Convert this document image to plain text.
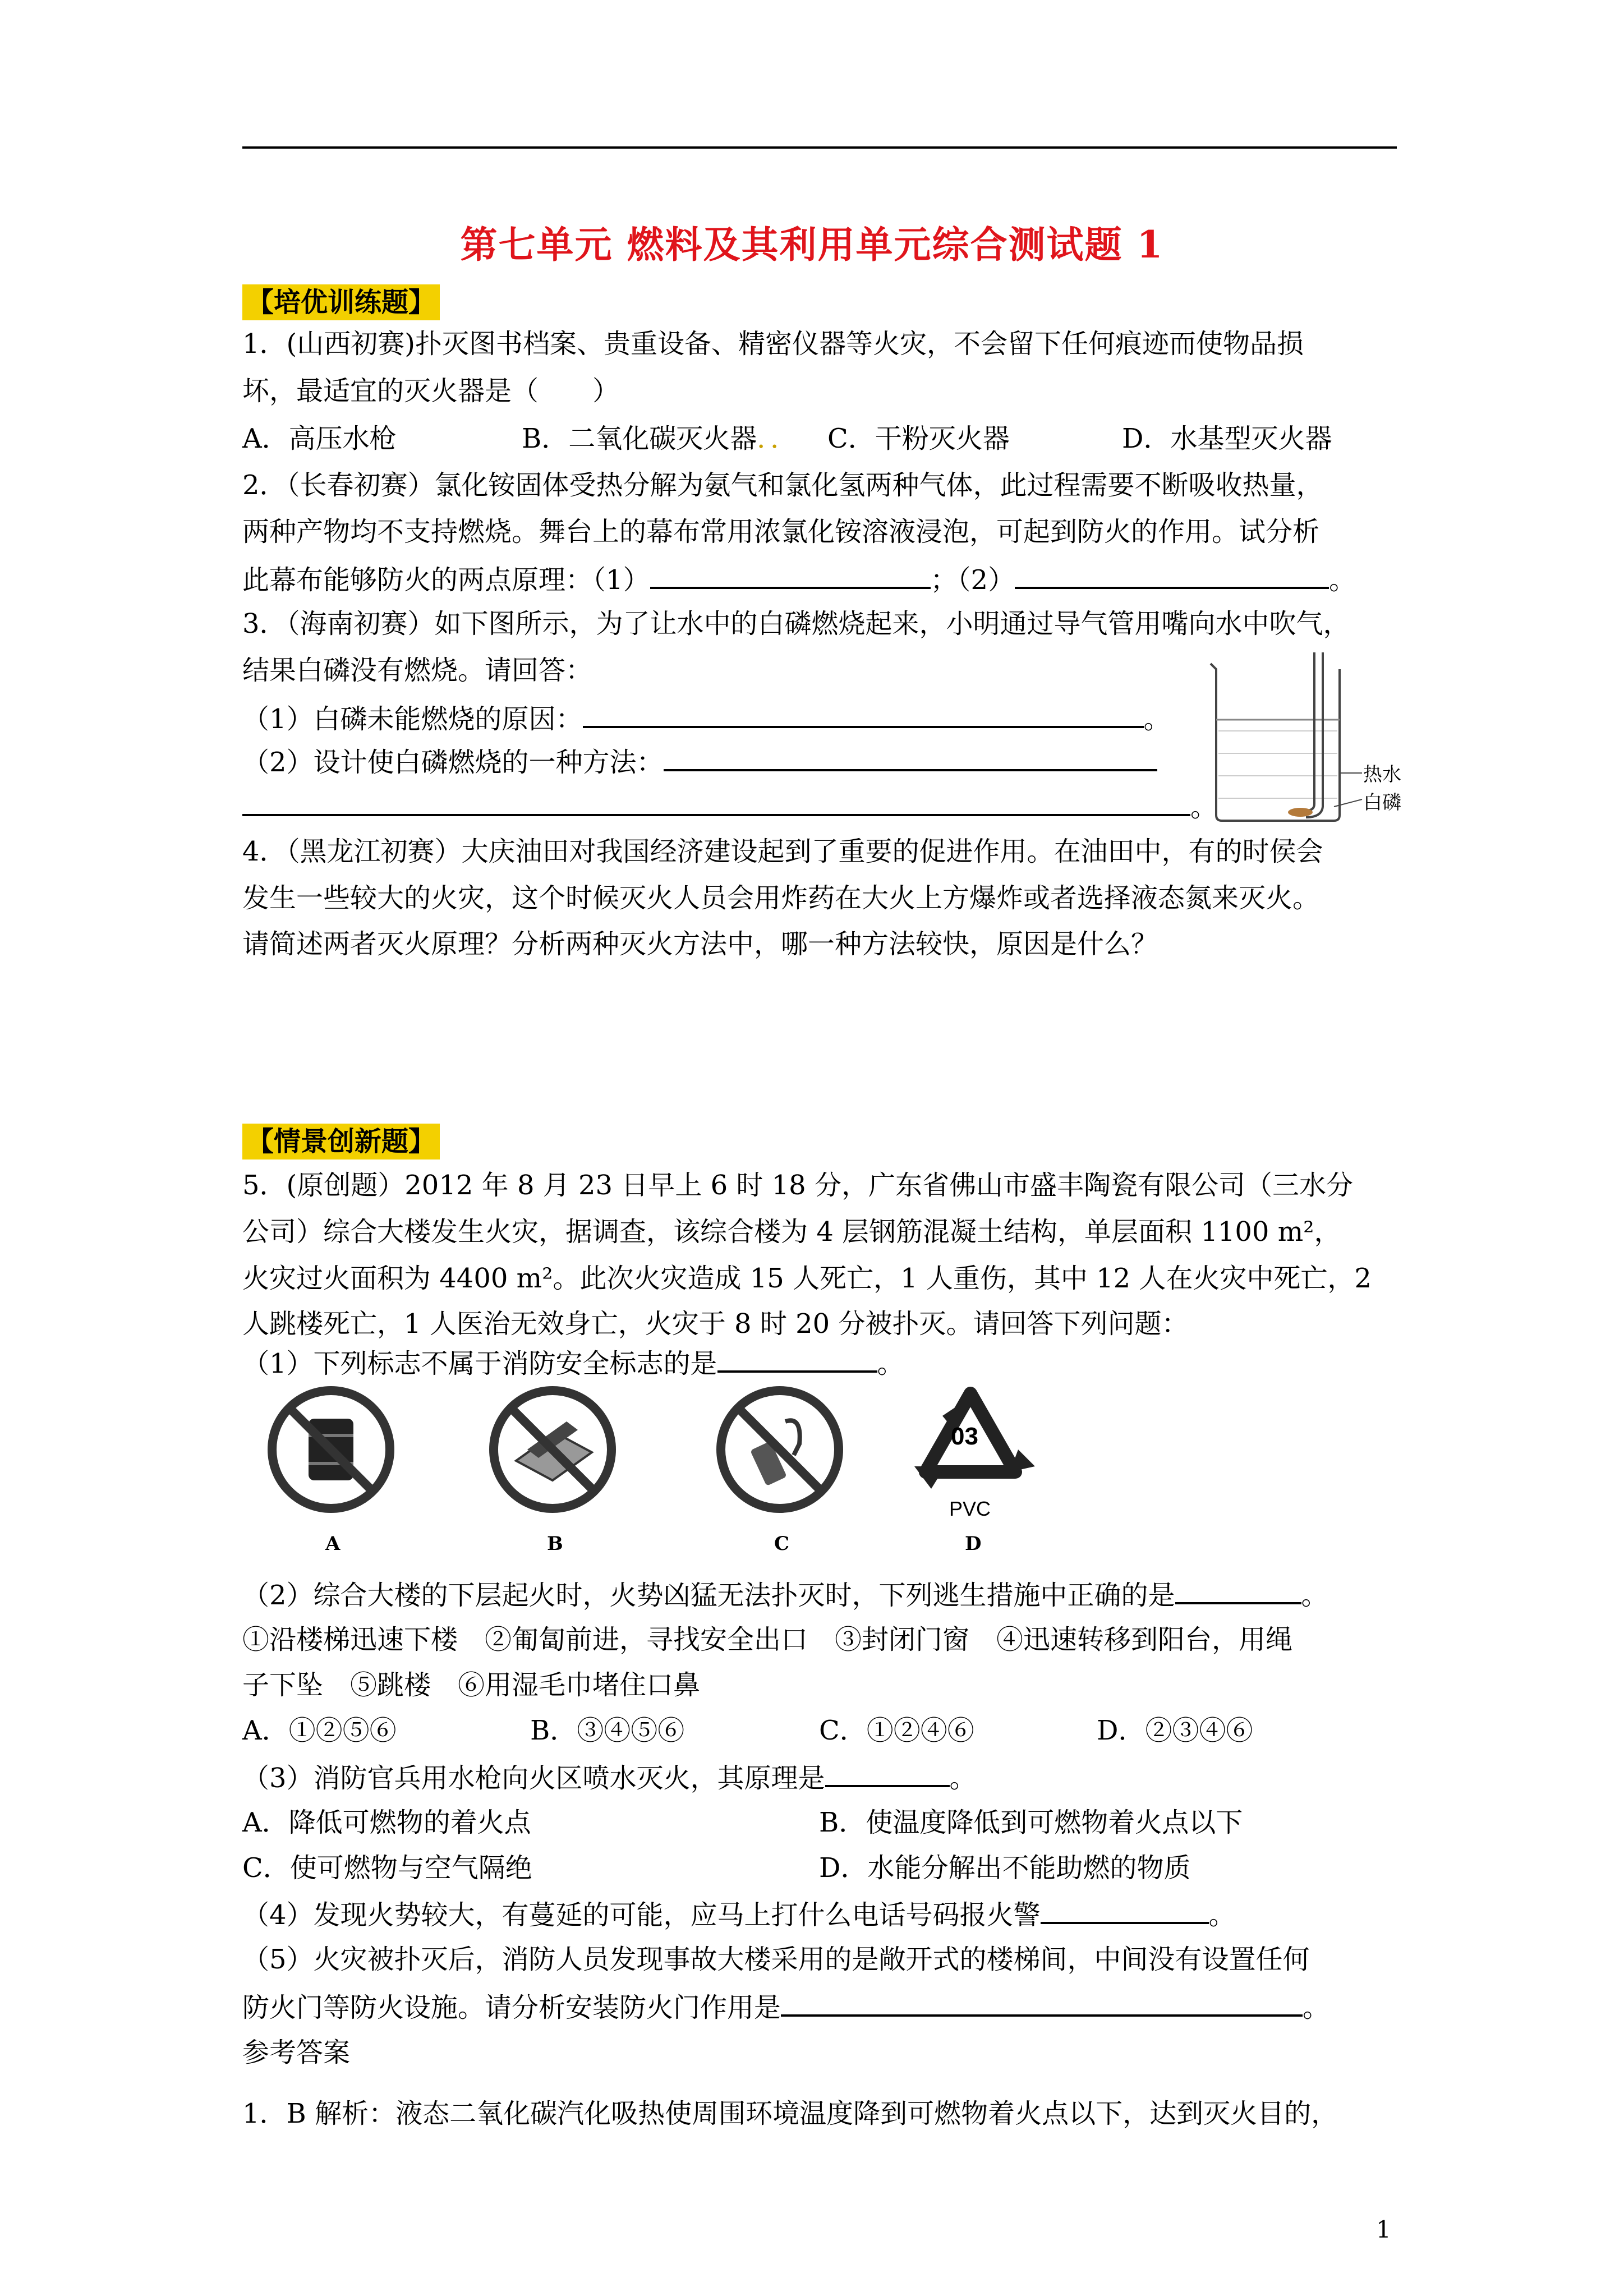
第七单元 燃料及其利用单元综合测试题 1
【培优训练题】
1．(山西初赛)扑灭图书档案、贵重设备、精密仪器等火灾，不会留下任何痕迹而使物品损
坏，最适宜的灭火器是（　　）
A．高压水枪	B．二氧化碳灭火器．． C．干粉灭火器	D．水基型灭火器
2．（长春初赛）氯化铵固体受热分解为氨气和氯化氢两种气体，此过程需要不断吸收热量，
两种产物均不支持燃烧。舞台上的幕布常用浓氯化铵溶液浸泡，可起到防火的作用。试分析
此幕布能够防火的两点原理：（1）	；（2）	。
3．（海南初赛）如下图所示，为了让水中的白磷燃烧起来，小明通过导气管用嘴向水中吹气，
结果白磷没有燃烧。请回答：
（1）白磷未能燃烧的原因：	。
（2）设计使白磷燃烧的一种方法：
。
热水
白磷
4．（黑龙江初赛）大庆油田对我国经济建设起到了重要的促进作用。在油田中，有的时侯会
发生一些较大的火灾，这个时候灭火人员会用炸药在大火上方爆炸或者选择液态氮来灭火。
请简述两者灭火原理？分析两种灭火方法中，哪一种方法较快，原因是什么？
【情景创新题】
5．(原创题）2012 年 8 月 23 日早上 6 时 18 分，广东省佛山市盛丰陶瓷有限公司（三水分
公司）综合大楼发生火灾，据调查，该综合楼为 4 层钢筋混凝土结构，单层面积 1100 m²，
火灾过火面积为 4400 m²。此次火灾造成 15 人死亡，1 人重伤，其中 12 人在火灾中死亡，2
人跳楼死亡，1 人医治无效身亡，火灾于 8 时 20 分被扑灭。请回答下列问题：
（1）下列标志不属于消防安全标志的是	。
03
PVC
A	B	C	D
（2）综合大楼的下层起火时，火势凶猛无法扑灭时，下列逃生措施中正确的是	。
①沿楼梯迅速下楼　②匍匐前进，寻找安全出口　③封闭门窗　④迅速转移到阳台，用绳
子下坠　⑤跳楼　⑥用湿毛巾堵住口鼻
A．①②⑤⑥	B．③④⑤⑥	C．①②④⑥	D．②③④⑥
（3）消防官兵用水枪向火区喷水灭火，其原理是	。
A．降低可燃物的着火点	B．使温度降低到可燃物着火点以下
C．使可燃物与空气隔绝	D．水能分解出不能助燃的物质
（4）发现火势较大，有蔓延的可能，应马上打什么电话号码报火警	。
（5）火灾被扑灭后，消防人员发现事故大楼采用的是敞开式的楼梯间，中间没有设置任何
防火门等防火设施。请分析安装防火门作用是	。
参考答案
1．B 解析：液态二氧化碳汽化吸热使周围环境温度降到可燃物着火点以下，达到灭火目的，
1
